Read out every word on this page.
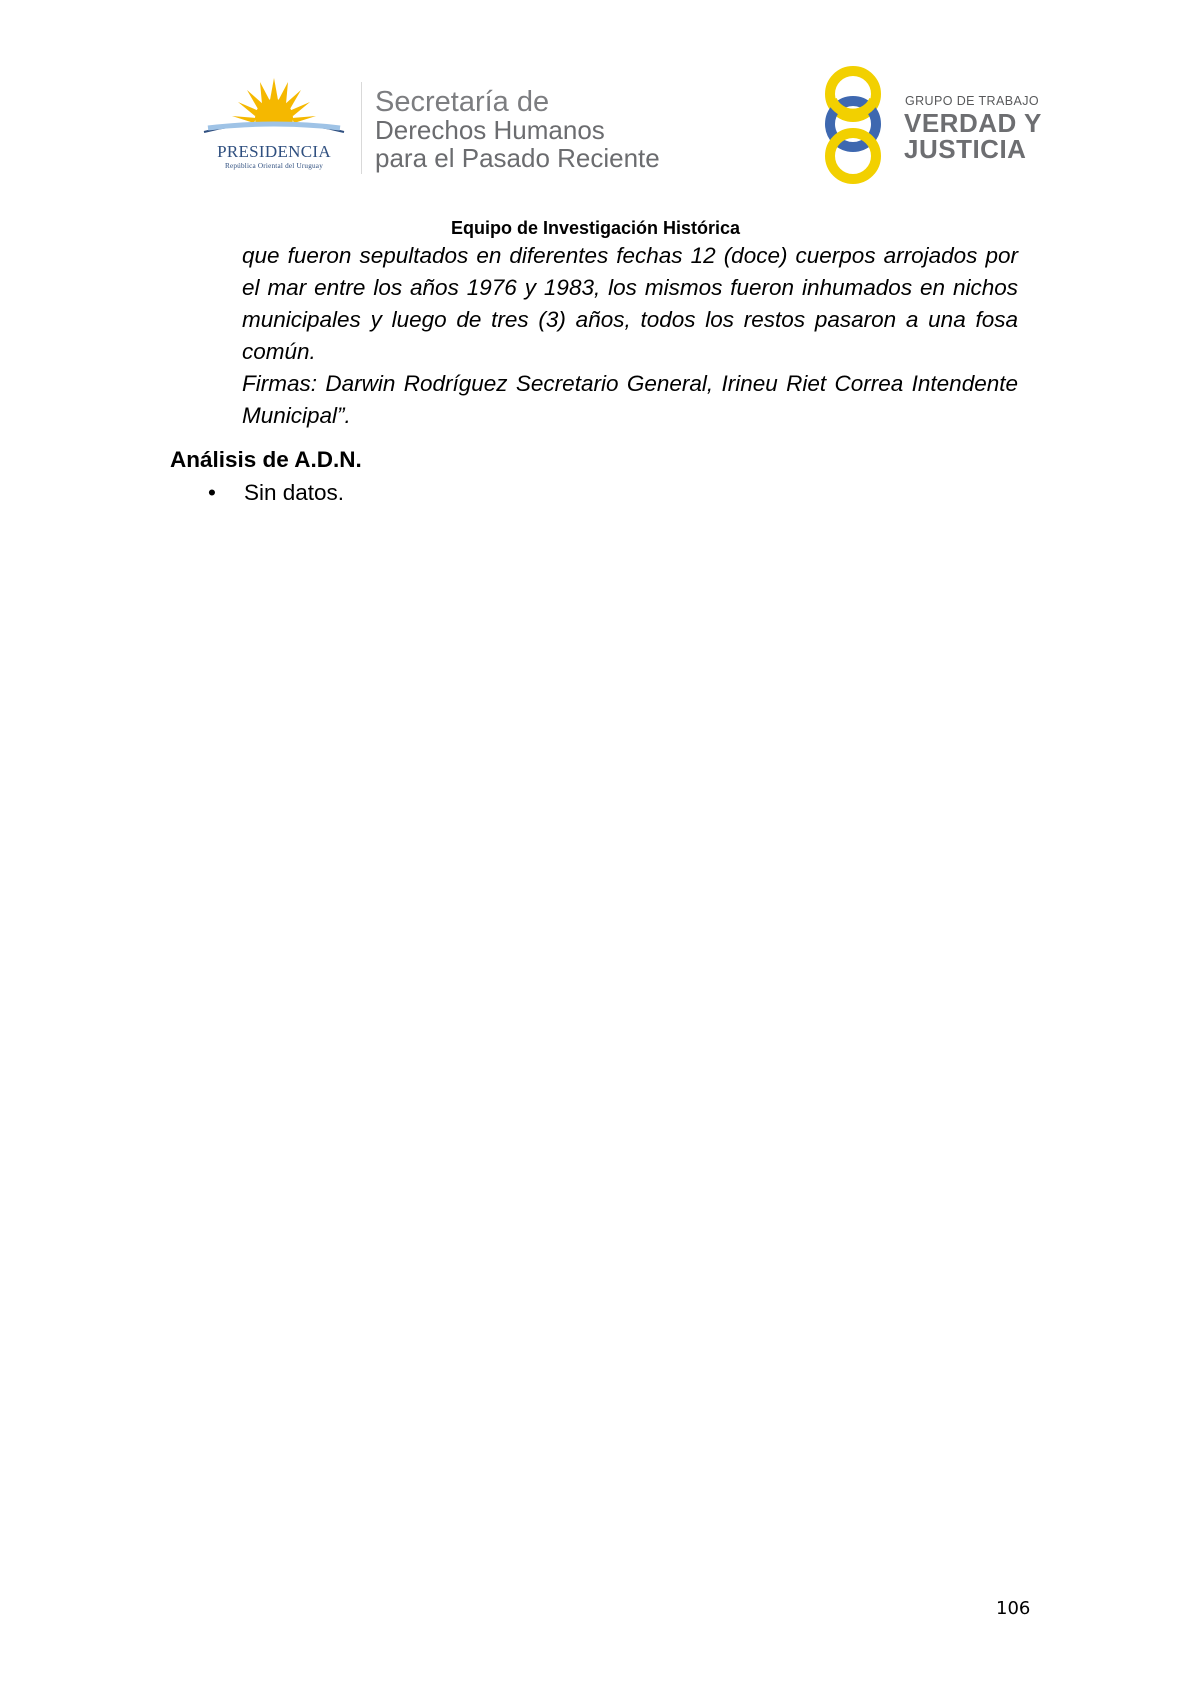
PRESIDENCIA
República Oriental del Uruguay
Secretaría de
Derechos Humanos
para el Pasado Reciente
GRUPO DE TRABAJO
VERDAD Y
JUSTICIA
Equipo de Investigación Histórica

que fueron sepultados en diferentes fechas 12 (doce) cuerpos arrojados por el mar entre los años 1976 y 1983, los mismos fueron inhumados en nichos municipales y luego de tres (3) años, todos los restos pasaron a una fosa común.

Firmas: Darwin Rodríguez Secretario General, Irineu Riet Correa Intendente Municipal”.

Análisis de A.D.N.
• Sin datos.
106
